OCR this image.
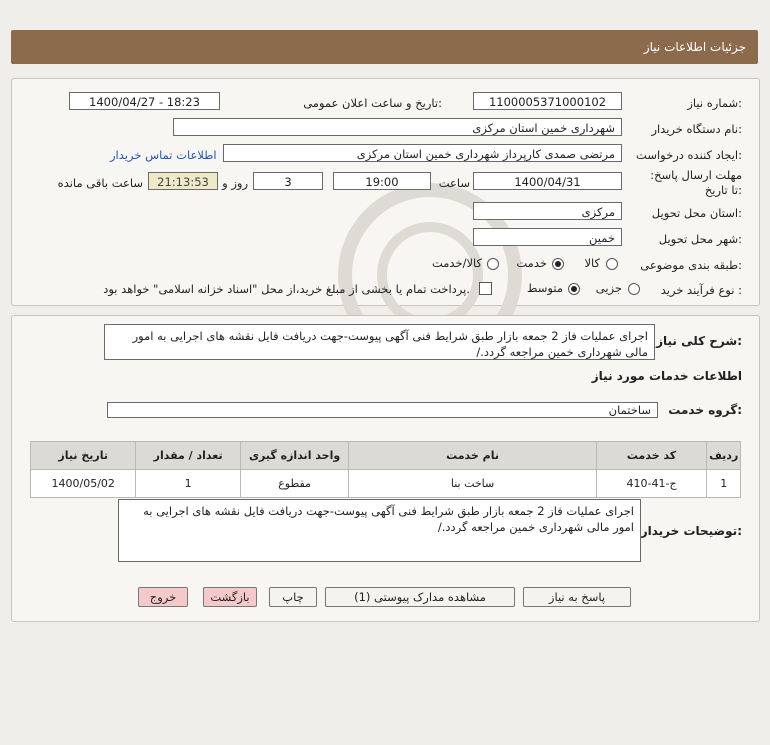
جزئیات اطلاعات نیاز
شماره نیاز:
1100005371000102
تاریخ و ساعت اعلان عمومی:
1400/04/27 - 18:23
نام دستگاه خریدار:
شهرداری خمین استان مرکزی
ایجاد کننده درخواست:
مرتضی صمدی کارپرداز شهرداری خمین استان مرکزی
اطلاعات تماس خریدار
مهلت ارسال پاسخ: تا تاریخ:
1400/04/31
ساعت
19:00
3
روز و
21:13:53
ساعت باقی مانده
استان محل تحویل:
مرکزی
شهر محل تحویل:
خمین
طبقه بندی موضوعی:
کالا
خدمت
کالا/خدمت
نوع فرآیند خرید :
جزیی
متوسط
پرداخت تمام یا بخشی از مبلغ خرید،از محل "اسناد خزانه اسلامی" خواهد بود.
شرح کلی نیاز:
اجرای عملیات فاز 2 جمعه بازار طبق شرایط فنی آگهی پیوست-جهت دریافت فایل نقشه های اجرایی به امور مالی شهرداری خمین مراجعه گردد./
اطلاعات خدمات مورد نیاز
گروه خدمت:
ساختمان
ردیف	کد خدمت	نام خدمت	واحد اندازه گیری	تعداد / مقدار	تاریخ نیاز
1	ج-41-410	ساخت بنا	مقطوع	1	1400/05/02
توضیحات خریدار:
اجرای عملیات فاز 2 جمعه بازار طبق شرایط فنی آگهی پیوست-جهت دریافت فایل نقشه های اجرایی به امور مالی شهرداری خمین مراجعه گردد./
پاسخ به نیاز
مشاهده مدارک پیوستی (1)
چاپ
بازگشت
خروج
